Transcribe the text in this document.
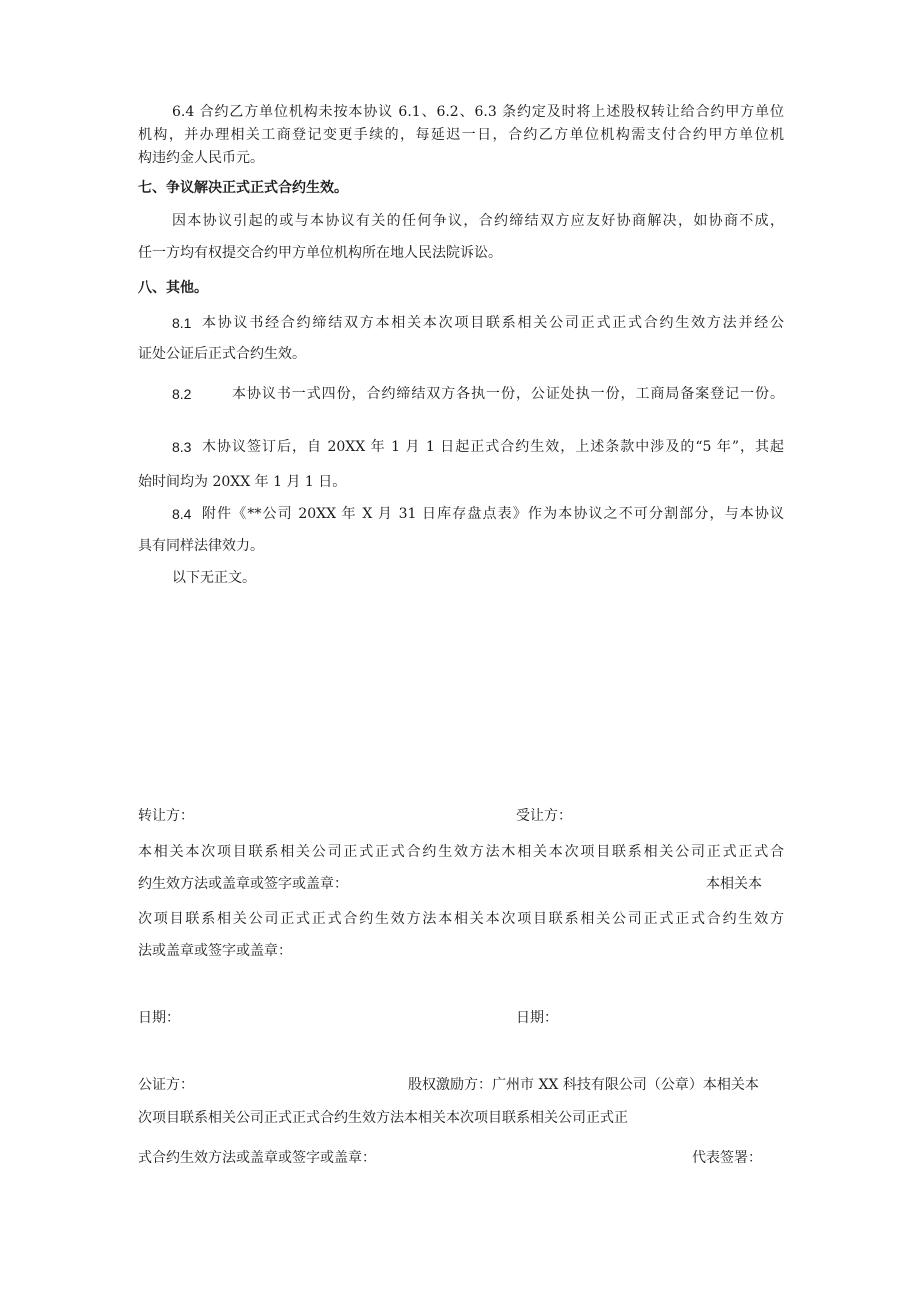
6.4 合约乙方单位机构未按本协议 6.1、6.2、6.3 条约定及时将上述股权转让给合约甲方单位
机构，并办理相关工商登记变更手续的，每延迟一日，合约乙方单位机构需支付合约甲方单位机
构违约金人民币元。
七、争议解决正式正式合约生效。
因本协议引起的或与本协议有关的任何争议，合约缔结双方应友好协商解决，如协商不成，
任一方均有权提交合约甲方单位机构所在地人民法院诉讼。
八、其他。
8.1 本协议书经合约缔结双方本相关本次项目联系相关公司正式正式合约生效方法并经公
证处公证后正式合约生效。
8.2	本协议书一式四份，合约缔结双方各执一份，公证处执一份，工商局备案登记一份。
8.3 木协议签订后，自 20XX 年 1 月 1 日起正式合约生效，上述条款中涉及的“5 年”，其起
始时间均为 20XX 年 1 月 1 日。
8.4 附件《**公司 20XX 年 X 月 31 日库存盘点表》作为本协议之不可分割部分，与本协议
具有同样法律效力。
以下无正文。
转让方：	受让方：
本相关本次项目联系相关公司正式正式合约生效方法木相关本次项目联系相关公司正式正式合
约生效方法或盖章或签字或盖章：	本相关本
次项目联系相关公司正式正式合约生效方法本相关本次项目联系相关公司正式正式合约生效方
法或盖章或签字或盖章：
日期：	日期：
公证方：	股权激励方：广州市 XX 科技有限公司（公章）本相关本
次项目联系相关公司正式正式合约生效方法本相关本次项目联系相关公司正式正
式合约生效方法或盖章或签字或盖章：	代表签署：
